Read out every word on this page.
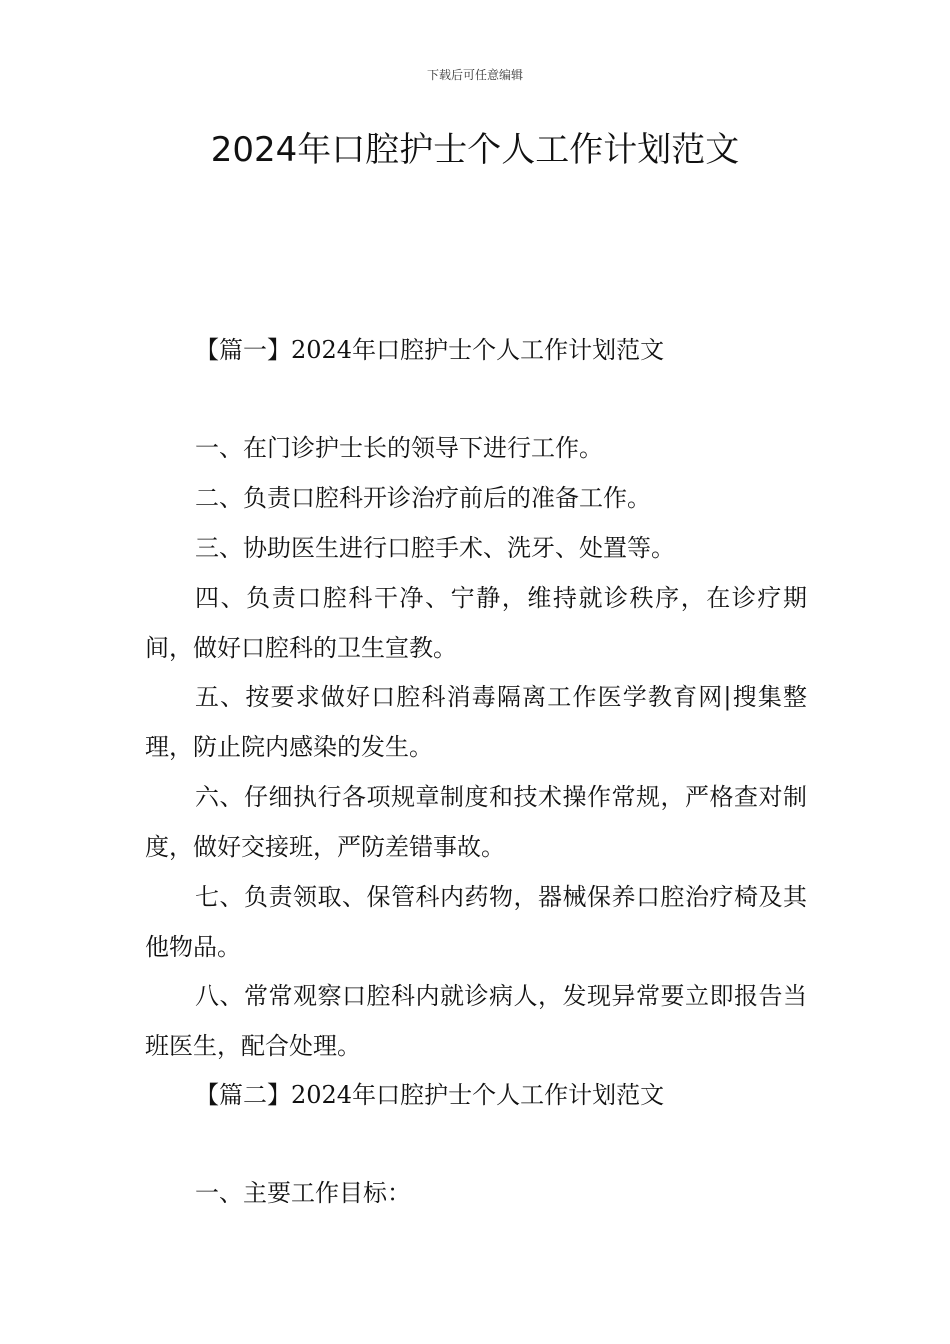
下载后可任意编辑
2024年口腔护士个人工作计划范文
【篇一】2024年口腔护士个人工作计划范文

一、在门诊护士长的领导下进行工作。

二、负责口腔科开诊治疗前后的准备工作。

三、协助医生进行口腔手术、洗牙、处置等。

四、负责口腔科干净、宁静，维持就诊秩序，在诊疗期间，做好口腔科的卫生宣教。

五、按要求做好口腔科消毒隔离工作医学教育网|搜集整理，防止院内感染的发生。

六、仔细执行各项规章制度和技术操作常规，严格查对制度，做好交接班，严防差错事故。

七、负责领取、保管科内药物，器械保养口腔治疗椅及其他物品。

八、常常观察口腔科内就诊病人，发现异常要立即报告当班医生，配合处理。

【篇二】2024年口腔护士个人工作计划范文

一、主要工作目标：
